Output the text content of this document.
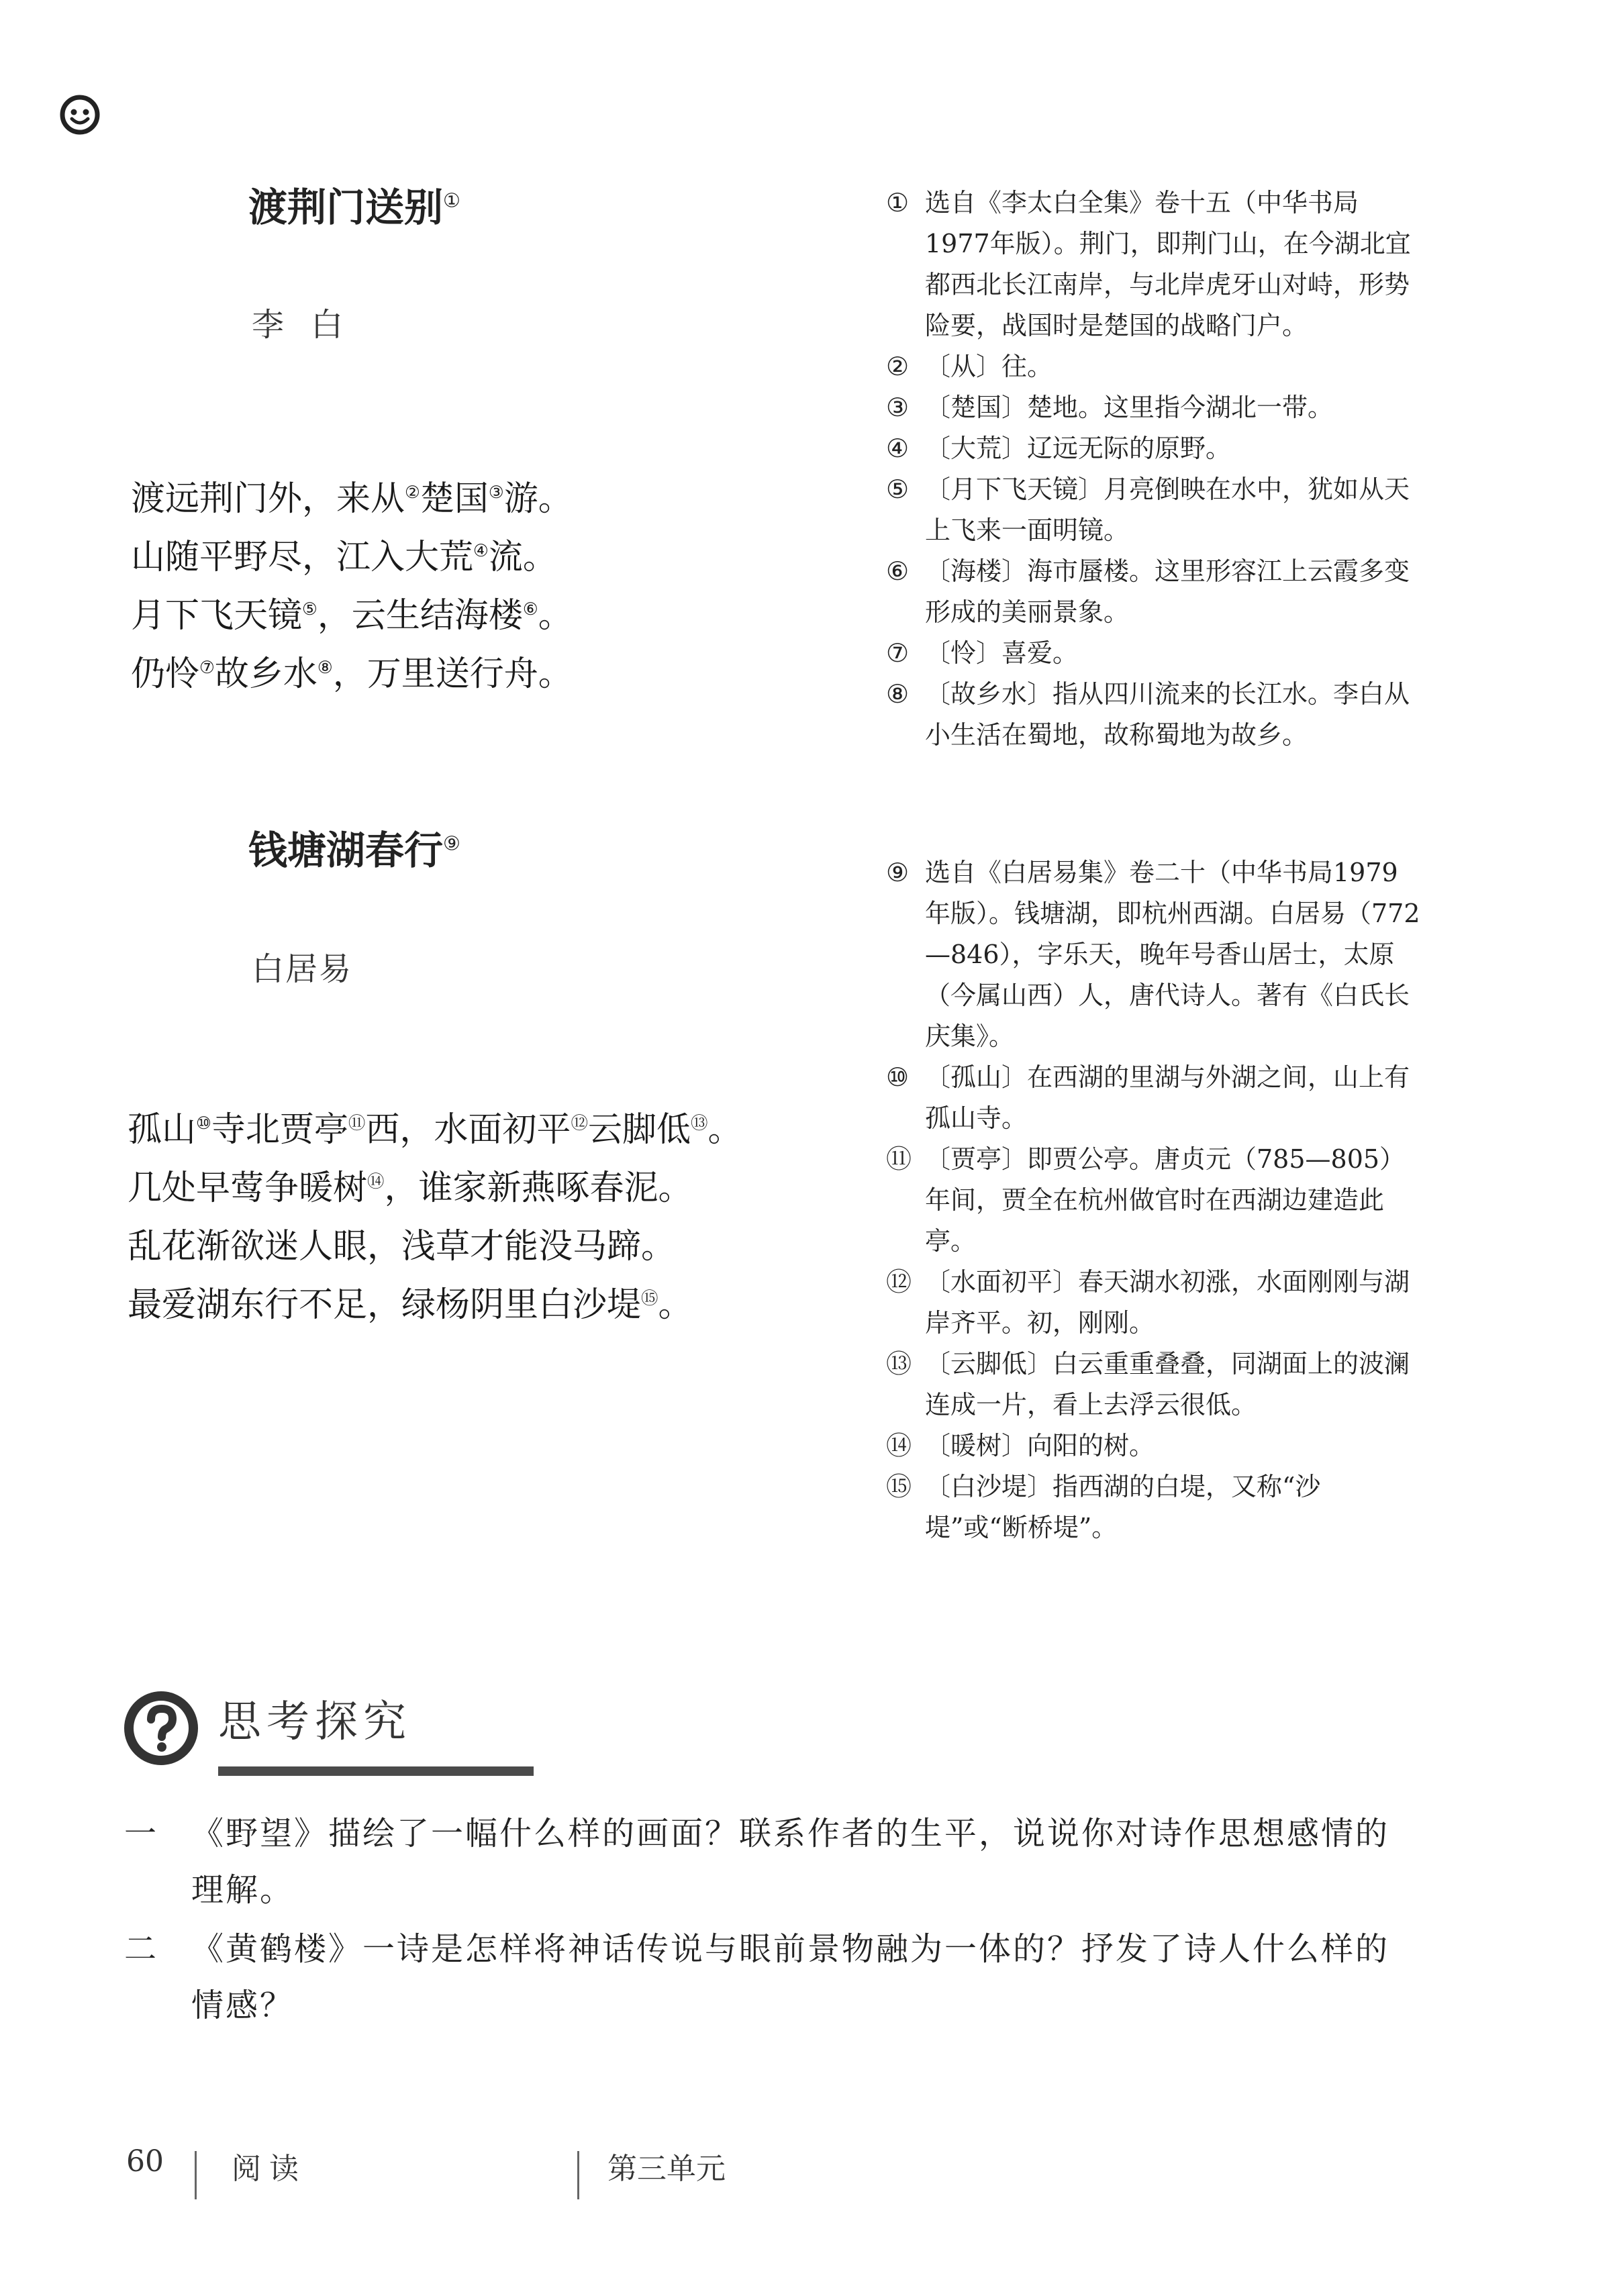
渡荆门送别①
李白
渡远荆门外，来从②楚国③游。
山随平野尽，江入大荒④流。
月下飞天镜⑤，云生结海楼⑥。
仍怜⑦故乡水⑧，万里送行舟。
钱塘湖春行⑨
白居易
孤山⑩寺北贾亭⑪西，水面初平⑫云脚低⑬。
几处早莺争暖树⑭，谁家新燕啄春泥。
乱花渐欲迷人眼，浅草才能没马蹄。
最爱湖东行不足，绿杨阴里白沙堤⑮。
① 选自《李太白全集》卷十五（中华书局1977年版）。荆门，即荆门山，在今湖北宜都西北长江南岸，与北岸虎牙山对峙，形势险要，战国时是楚国的战略门户。
② 〔从〕往。
③ 〔楚国〕楚地。这里指今湖北一带。
④ 〔大荒〕辽远无际的原野。
⑤ 〔月下飞天镜〕月亮倒映在水中，犹如从天上飞来一面明镜。
⑥ 〔海楼〕海市蜃楼。这里形容江上云霞多变形成的美丽景象。
⑦ 〔怜〕喜爱。
⑧ 〔故乡水〕指从四川流来的长江水。李白从小生活在蜀地，故称蜀地为故乡。
⑨ 选自《白居易集》卷二十（中华书局1979年版）。钱塘湖，即杭州西湖。白居易（772—846），字乐天，晚年号香山居士，太原（今属山西）人，唐代诗人。著有《白氏长庆集》。
⑩ 〔孤山〕在西湖的里湖与外湖之间，山上有孤山寺。
⑪ 〔贾亭〕即贾公亭。唐贞元（785—805）年间，贾全在杭州做官时在西湖边建造此亭。
⑫ 〔水面初平〕春天湖水初涨，水面刚刚与湖岸齐平。初，刚刚。
⑬ 〔云脚低〕白云重重叠叠，同湖面上的波澜连成一片，看上去浮云很低。
⑭ 〔暖树〕向阳的树。
⑮ 〔白沙堤〕指西湖的白堤，又称“沙堤”或“断桥堤”。
思考探究
一	《野望》描绘了一幅什么样的画面？联系作者的生平，说说你对诗作思想感情的理解。
二	《黄鹤楼》一诗是怎样将神话传说与眼前景物融为一体的？抒发了诗人什么样的情感？
60 阅读	第三单元
